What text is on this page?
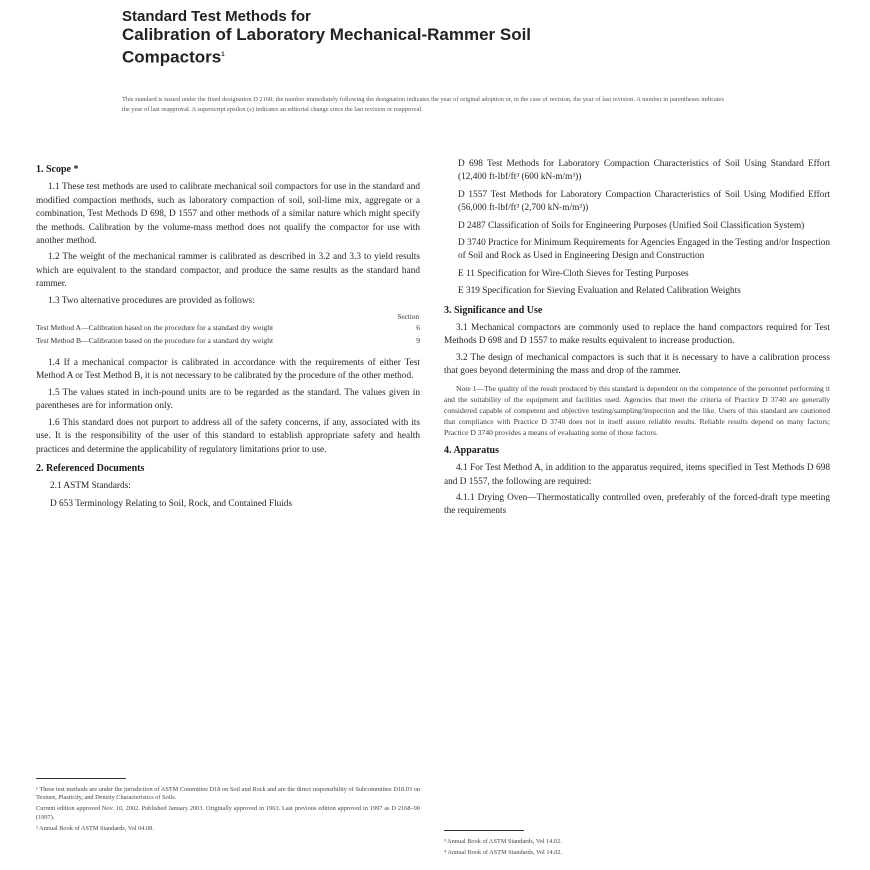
Standard Test Methods for
Calibration of Laboratory Mechanical-Rammer Soil
Compactors$^1$
This standard is issued under the fixed designation D 2168; the number immediately following the designation indicates the year of original adoption or, in the case of revision, the year of last revision. A number in parentheses indicates the year of last reapproval. A superscript epsilon (ε) indicates an editorial change since the last revision or reapproval.
1. Scope *

1.1 These test methods are used to calibrate mechanical soil compactors for use in the standard and modified compaction methods, such as laboratory compaction of soil, soil-lime mix, aggregate or a combination, Test Methods D 698, D 1557 and other methods of a similar nature which might specify the methods. Calibration by the volume-mass method does not qualify the compactor for use with another method.

1.2 The weight of the mechanical rammer is calibrated as described in 3.2 and 3.3 to yield results which are equivalent to the standard compactor, and produce the same results as the standard hand rammer.

1.3 Two alternative procedures are provided as follows:

	Section
Test Method A—Calibration based on the procedure for a standard dry weight	6
Test Method B—Calibration based on the procedure for a standard dry weight	9

1.4 If a mechanical compactor is calibrated in accordance with the requirements of either Test Method A or Test Method B, it is not necessary to be calibrated by the procedure of the other method.

1.5 The values stated in inch-pound units are to be regarded as the standard. The values given in parentheses are for information only.

1.6 This standard does not purport to address all of the safety concerns, if any, associated with its use. It is the responsibility of the user of this standard to establish appropriate safety and health practices and determine the applicability of regulatory limitations prior to use.

2. Referenced Documents

2.1 ASTM Standards:

D 653 Terminology Relating to Soil, Rock, and Contained Fluids

¹ These test methods are under the jurisdiction of ASTM Committee D18 on Soil and Rock and are the direct responsibility of Subcommittee D18.03 on Texture, Plasticity, and Density Characteristics of Soils.
Current edition approved Nov. 10, 2002. Published January 2003. Originally approved in 1963. Last previous edition approved in 1997 as D 2168–90 (1997).
² Annual Book of ASTM Standards, Vol 04.08.

D 698 Test Methods for Laboratory Compaction Characteristics of Soil Using Standard Effort (12,400 ft-lbf/ft³ (600 kN-m/m³))

D 1557 Test Methods for Laboratory Compaction Characteristics of Soil Using Modified Effort (56,000 ft-lbf/ft³ (2,700 kN-m/m³))

D 2487 Classification of Soils for Engineering Purposes (Unified Soil Classification System)

D 3740 Practice for Minimum Requirements for Agencies Engaged in the Testing and/or Inspection of Soil and Rock as Used in Engineering Design and Construction

E 11 Specification for Wire-Cloth Sieves for Testing Purposes

E 319 Specification for Sieving Evaluation and Related Calibration Weights

3. Significance and Use

3.1 Mechanical compactors are commonly used to replace the hand compactors required for Test Methods D 698 and D 1557 to make results equivalent to increase production.

3.2 The design of mechanical compactors is such that it is necessary to have a calibration process that goes beyond determining the mass and drop of the rammer.

Note 1—The quality of the result produced by this standard is dependent on the competence of the personnel performing it and the suitability of the equipment and facilities used. Agencies that meet the criteria of Practice D 3740 are generally considered capable of competent and objective testing/sampling/inspection and the like. Users of this standard are cautioned that compliance with Practice D 3740 does not in itself assure reliable results. Reliable results depend on many factors; Practice D 3740 provides a means of evaluating some of those factors.
4. Apparatus

4.1 For Test Method A, in addition to the apparatus required, items specified in Test Methods D 698 and D 1557, the following are required:

4.1.1 Drying Oven—Thermostatically controlled oven, preferably of the forced-draft type meeting the requirements

³ Annual Book of ASTM Standards, Vol 14.02.
⁴ Annual Book of ASTM Standards, Vol 14.02.
